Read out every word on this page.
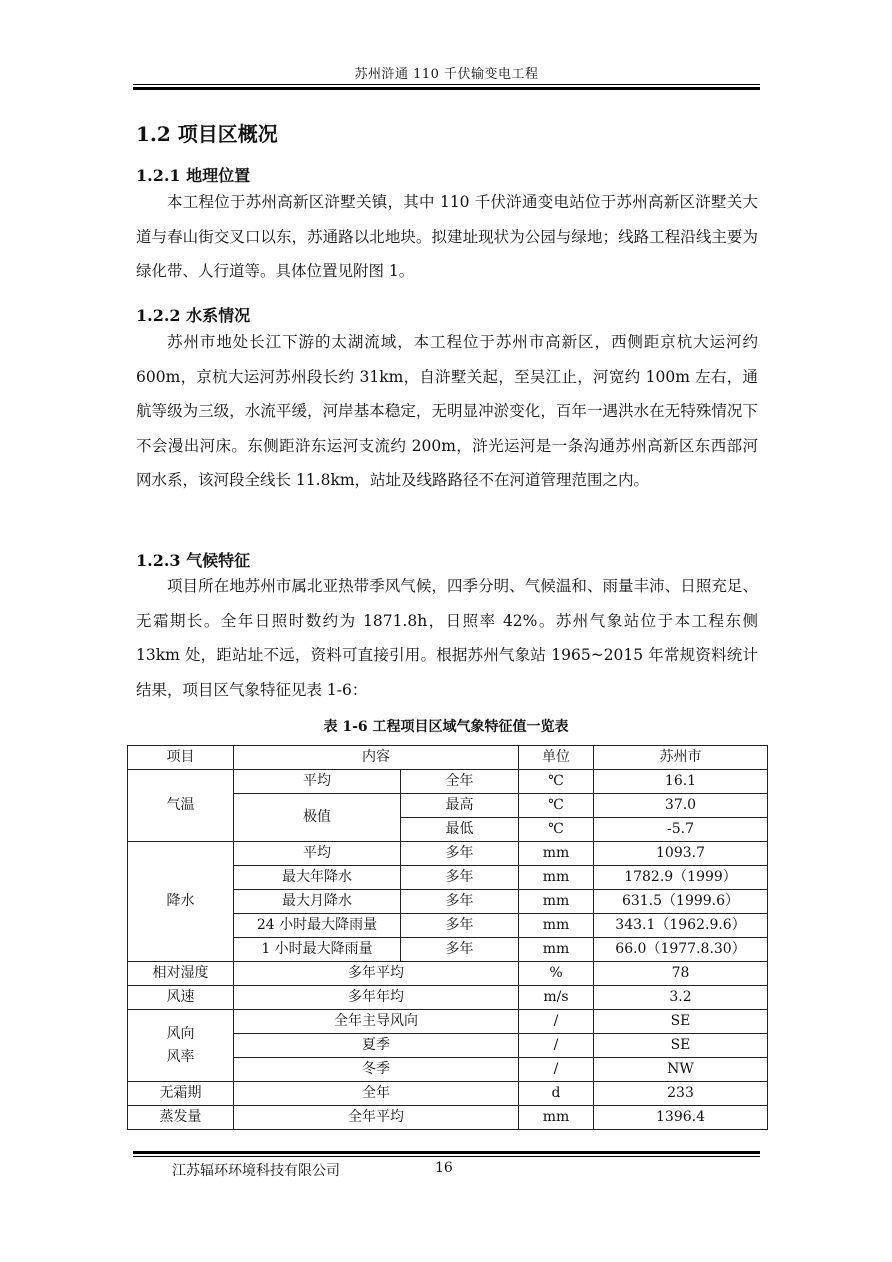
苏州浒通 110 千伏输变电工程
1.2 项目区概况
1.2.1 地理位置

本工程位于苏州高新区浒墅关镇，其中 110 千伏浒通变电站位于苏州高新区浒墅关大道与春山街交叉口以东，苏通路以北地块。拟建址现状为公园与绿地；线路工程沿线主要为绿化带、人行道等。具体位置见附图 1。

1.2.2 水系情况

苏州市地处长江下游的太湖流域，本工程位于苏州市高新区，西侧距京杭大运河约 600m，京杭大运河苏州段长约 31km，自浒墅关起，至吴江止，河宽约 100m 左右，通航等级为三级，水流平缓，河岸基本稳定，无明显冲淤变化，百年一遇洪水在无特殊情况下不会漫出河床。东侧距浒东运河支流约 200m，浒光运河是一条沟通苏州高新区东西部河网水系，该河段全线长 11.8km，站址及线路路径不在河道管理范围之内。

1.2.3 气候特征

项目所在地苏州市属北亚热带季风气候，四季分明、气候温和、雨量丰沛、日照充足、无霜期长。全年日照时数约为 1871.8h，日照率 42%。苏州气象站位于本工程东侧 13km 处，距站址不远，资料可直接引用。根据苏州气象站 1965~2015 年常规资料统计结果，项目区气象特征见表 1-6：

表 1-6 工程项目区域气象特征值一览表
项目	内容		单位	苏州市
气温	平均	全年	℃	16.1
	极值	最高	℃	37.0
		最低	℃	-5.7
降水	平均	多年	mm	1093.7
	最大年降水	多年	mm	1782.9（1999）
	最大月降水	多年	mm	631.5（1999.6）
	24 小时最大降雨量	多年	mm	343.1（1962.9.6）
	1 小时最大降雨量	多年	mm	66.0（1977.8.30）
相对湿度	多年平均		%	78
风速	多年年均		m/s	3.2

风向
风率	全年主导风向		/	SE
	夏季		/	SE
	冬季		/	NW
无霜期	全年		d	233
蒸发量	全年平均		mm	1396.4
江苏辐环环境科技有限公司	16
